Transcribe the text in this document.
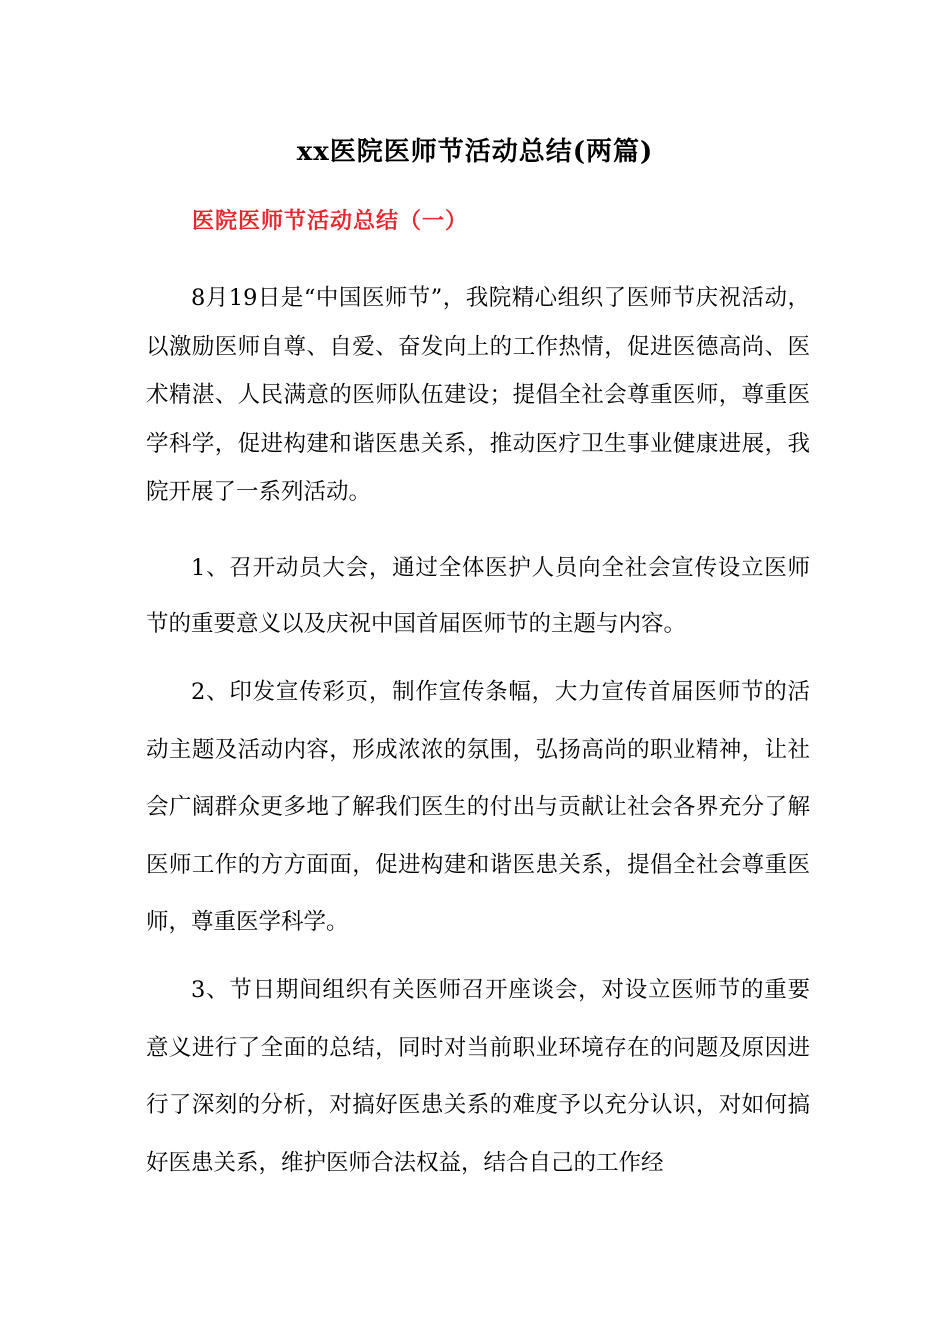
xx医院医师节活动总结(两篇)
医院医师节活动总结（一）

8月19日是“中国医师节”，我院精心组织了医师节庆祝活动，以激励医师自尊、自爱、奋发向上的工作热情，促进医德高尚、医术精湛、人民满意的医师队伍建设；提倡全社会尊重医师，尊重医学科学，促进构建和谐医患关系，推动医疗卫生事业健康进展，我院开展了一系列活动。

1、召开动员大会，通过全体医护人员向全社会宣传设立医师节的重要意义以及庆祝中国首届医师节的主题与内容。

2、印发宣传彩页，制作宣传条幅，大力宣传首届医师节的活动主题及活动内容，形成浓浓的氛围，弘扬高尚的职业精神，让社会广阔群众更多地了解我们医生的付出与贡献让社会各界充分了解医师工作的方方面面，促进构建和谐医患关系，提倡全社会尊重医师，尊重医学科学。

3、节日期间组织有关医师召开座谈会，对设立医师节的重要意义进行了全面的总结，同时对当前职业环境存在的问题及原因进行了深刻的分析，对搞好医患关系的难度予以充分认识，对如何搞好医患关系，维护医师合法权益，结合自己的工作经
